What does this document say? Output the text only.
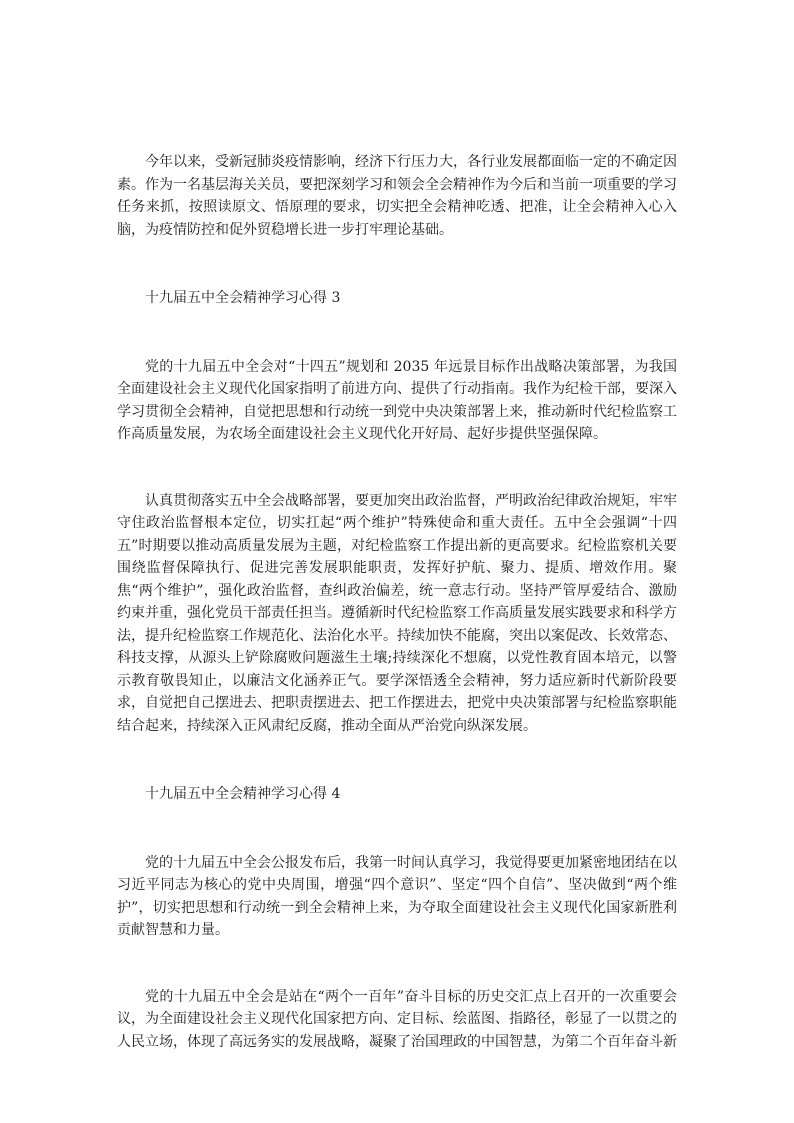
今年以来，受新冠肺炎疫情影响，经济下行压力大，各行业发展都面临一定的不确定因素。作为一名基层海关关员，要把深刻学习和领会全会精神作为今后和当前一项重要的学习任务来抓，按照读原文、悟原理的要求，切实把全会精神吃透、把准，让全会精神入心入脑，为疫情防控和促外贸稳增长进一步打牢理论基础。

十九届五中全会精神学习心得 3

党的十九届五中全会对“十四五”规划和 2035 年远景目标作出战略决策部署，为我国全面建设社会主义现代化国家指明了前进方向、提供了行动指南。我作为纪检干部，要深入学习贯彻全会精神，自觉把思想和行动统一到党中央决策部署上来，推动新时代纪检监察工作高质量发展，为农场全面建设社会主义现代化开好局、起好步提供坚强保障。

认真贯彻落实五中全会战略部署，要更加突出政治监督，严明政治纪律政治规矩，牢牢守住政治监督根本定位，切实扛起“两个维护”特殊使命和重大责任。五中全会强调“十四五”时期要以推动高质量发展为主题，对纪检监察工作提出新的更高要求。纪检监察机关要围绕监督保障执行、促进完善发展职能职责，发挥好护航、聚力、提质、增效作用。聚焦“两个维护”，强化政治监督，查纠政治偏差，统一意志行动。坚持严管厚爱结合、激励约束并重，强化党员干部责任担当。遵循新时代纪检监察工作高质量发展实践要求和科学方法，提升纪检监察工作规范化、法治化水平。持续加快不能腐，突出以案促改、长效常态、科技支撑，从源头上铲除腐败问题滋生土壤;持续深化不想腐，以党性教育固本培元，以警示教育敬畏知止，以廉洁文化涵养正气。要学深悟透全会精神，努力适应新时代新阶段要求，自觉把自己摆进去、把职责摆进去、把工作摆进去，把党中央决策部署与纪检监察职能结合起来，持续深入正风肃纪反腐，推动全面从严治党向纵深发展。

十九届五中全会精神学习心得 4

党的十九届五中全会公报发布后，我第一时间认真学习，我觉得要更加紧密地团结在以习近平同志为核心的党中央周围，增强“四个意识”、坚定“四个自信”、坚决做到“两个维护”，切实把思想和行动统一到全会精神上来，为夺取全面建设社会主义现代化国家新胜利贡献智慧和力量。

党的十九届五中全会是站在“两个一百年”奋斗目标的历史交汇点上召开的一次重要会议，为全面建设社会主义现代化国家把方向、定目标、绘蓝图、指路径，彰显了一以贯之的人民立场，体现了高远务实的发展战略，凝聚了治国理政的中国智慧，为第二个百年奋斗新
